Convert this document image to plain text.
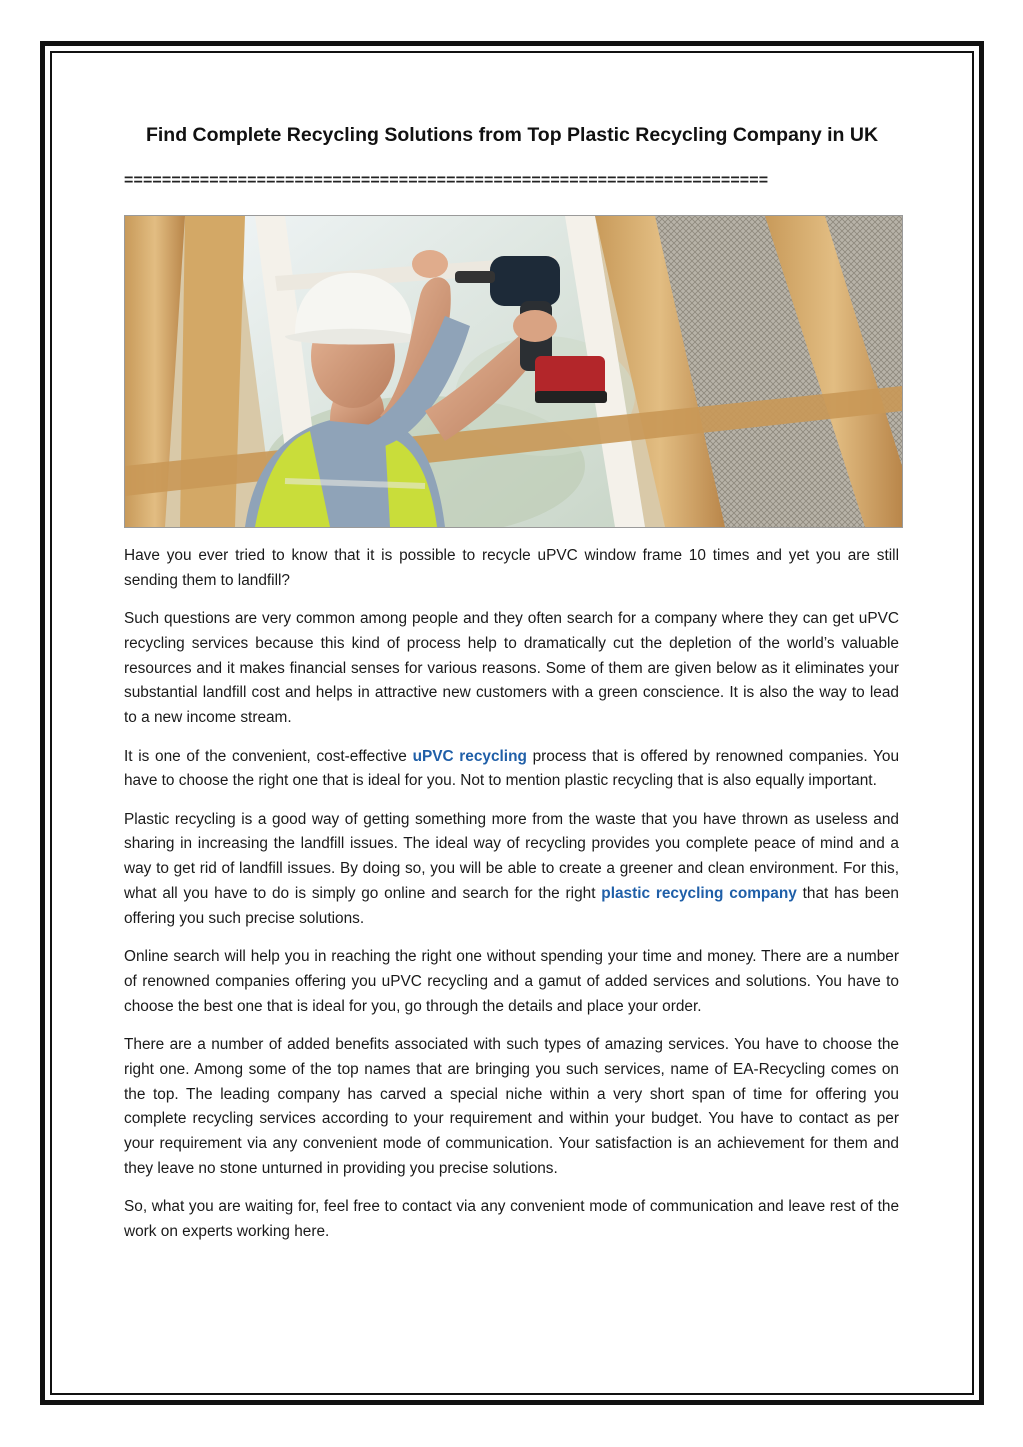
Find Complete Recycling Solutions from Top Plastic Recycling Company in UK
====================================================================

Have you ever tried to know that it is possible to recycle uPVC window frame 10 times and yet you are still sending them to landfill?

Such questions are very common among people and they often search for a company where they can get uPVC recycling services because this kind of process help to dramatically cut the depletion of the world’s valuable resources and it makes financial senses for various reasons. Some of them are given below as it eliminates your substantial landfill cost and helps in attractive new customers with a green conscience. It is also the way to lead to a new income stream.

It is one of the convenient, cost-effective uPVC recycling process that is offered by renowned companies. You have to choose the right one that is ideal for you. Not to mention plastic recycling that is also equally important.

Plastic recycling is a good way of getting something more from the waste that you have thrown as useless and sharing in increasing the landfill issues. The ideal way of recycling provides you complete peace of mind and a way to get rid of landfill issues. By doing so, you will be able to create a greener and clean environment. For this, what all you have to do is simply go online and search for the right plastic recycling company that has been offering you such precise solutions.

Online search will help you in reaching the right one without spending your time and money. There are a number of renowned companies offering you uPVC recycling and a gamut of added services and solutions. You have to choose the best one that is ideal for you, go through the details and place your order.

There are a number of added benefits associated with such types of amazing services. You have to choose the right one. Among some of the top names that are bringing you such services, name of EA-Recycling comes on the top. The leading company has carved a special niche within a very short span of time for offering you complete recycling services according to your requirement and within your budget. You have to contact as per your requirement via any convenient mode of communication. Your satisfaction is an achievement for them and they leave no stone unturned in providing you precise solutions.

So, what you are waiting for, feel free to contact via any convenient mode of communication and leave rest of the work on experts working here.
